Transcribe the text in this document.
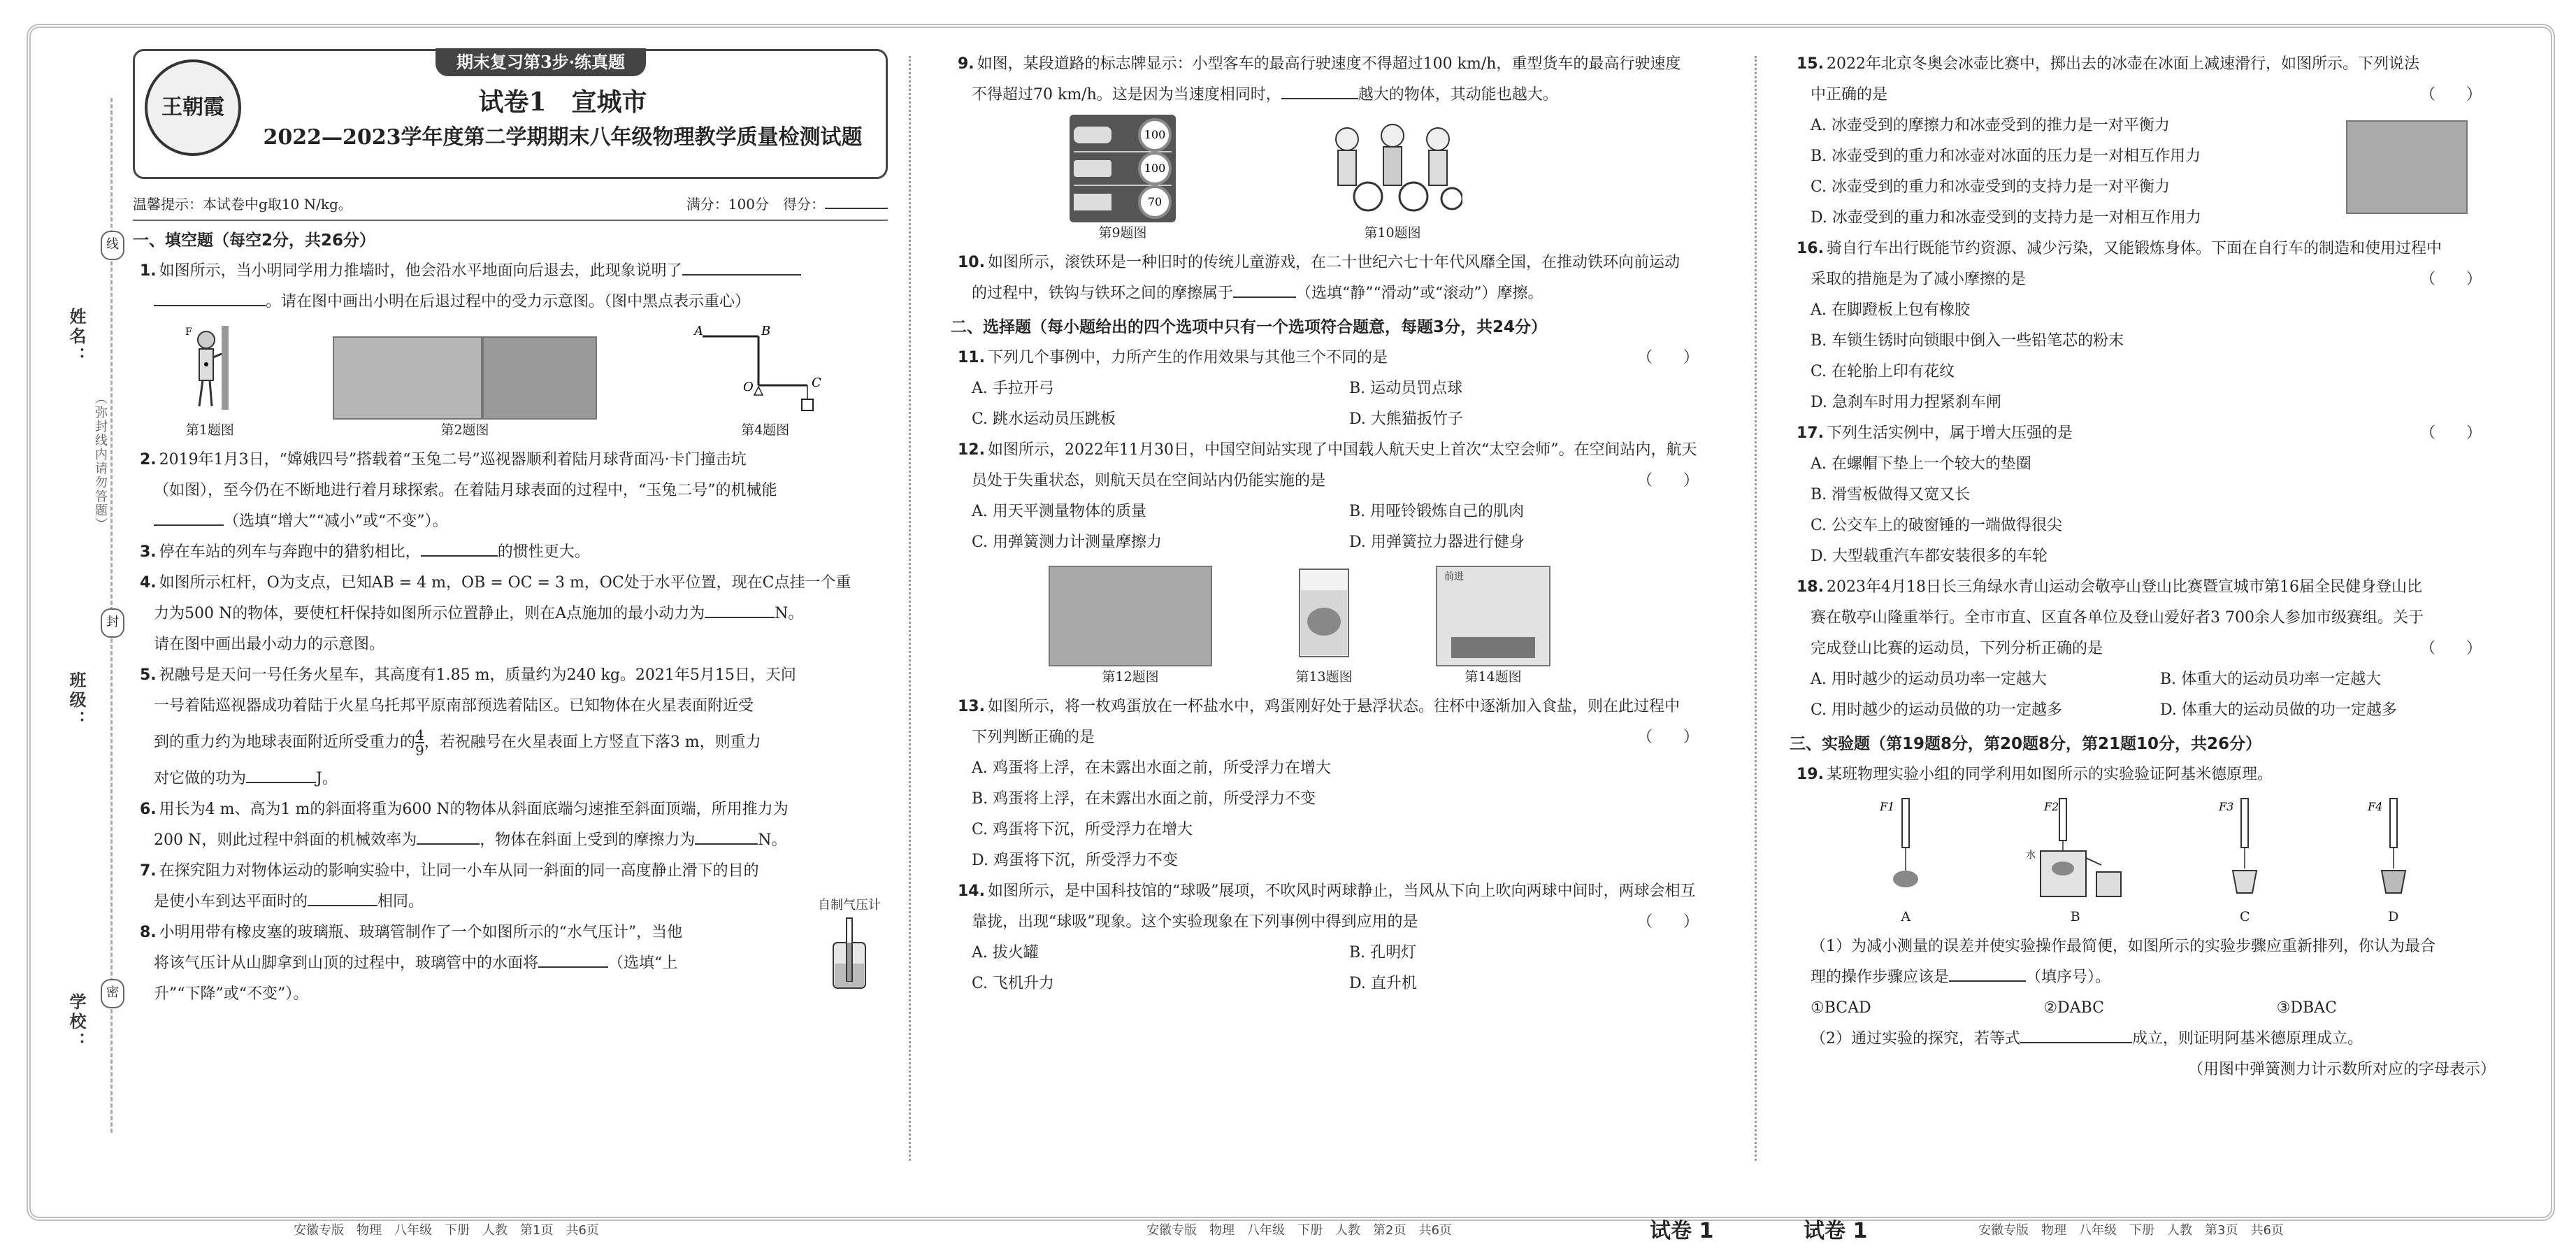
线
封
密
姓名：
班级：
学校：
（弥封线内请勿答题）
期末复习第3步·练真题
王朝霞	试卷1　宣城市
2022—2023学年度第二学期期末八年级物理教学质量检测试题
温馨提示：本试卷中g取10 N/kg。	满分：100分　得分：
一、填空题（每空2分，共26分）
1. 如图所示，当小明同学用力推墙时，他会沿水平地面向后退去，此现象说明了
。请在图中画出小明在后退过程中的受力示意图。（图中黑点表示重心）
F
第1题图	第2题图
A	B
O	C
第4题图
2. 2019年1月3日，“嫦娥四号”搭载着“玉兔二号”巡视器顺利着陆月球背面冯·卡门撞击坑
（如图），至今仍在不断地进行着月球探索。在着陆月球表面的过程中，“玉兔二号”的机械能
（选填“增大”“减小”或“不变”）。
3. 停在车站的列车与奔跑中的猎豹相比，	的惯性更大。
4. 如图所示杠杆，O为支点，已知AB = 4 m，OB = OC = 3 m，OC处于水平位置，现在C点挂一个重
力为500 N的物体，要使杠杆保持如图所示位置静止，则在A点施加的最小动力为	N。
请在图中画出最小动力的示意图。
5. 祝融号是天问一号任务火星车，其高度有1.85 m，质量约为240 kg。2021年5月15日，天问
一号着陆巡视器成功着陆于火星乌托邦平原南部预选着陆区。已知物体在火星表面附近受
到的重力约为地球表面附近所受重力的 $\frac{4}{9}$ ，若祝融号在火星表面上方竖直下落3 m，则重力
对它做的功为	J。
6. 用长为4 m、高为1 m的斜面将重为600 N的物体从斜面底端匀速推至斜面顶端，所用推力为
200 N，则此过程中斜面的机械效率为	，物体在斜面上受到的摩擦力为	N。
7. 在探究阻力对物体运动的影响实验中，让同一小车从同一斜面的同一高度静止滑下的目的
是使小车到达平面时的	相同。
8. 小明用带有橡皮塞的玻璃瓶、玻璃管制作了一个如图所示的“水气压计”，当他
将该气压计从山脚拿到山顶的过程中，玻璃管中的水面将	（选填“上
升”“下降”或“不变”）。
自制气压计
安徽专版　物理　八年级　下册　人教　第1页　共6页
9. 如图，某段道路的标志牌显示：小型客车的最高行驶速度不得超过100 km/h，重型货车的最高行驶速度
不得超过70 km/h。这是因为当速度相同时，	越大的物体，其动能也越大。
100
100
70
第9题图	第10题图
10. 如图所示，滚铁环是一种旧时的传统儿童游戏，在二十世纪六七十年代风靡全国，在推动铁环向前运动
的过程中，铁钩与铁环之间的摩擦属于	（选填“静”“滑动”或“滚动”）摩擦。
二、选择题（每小题给出的四个选项中只有一个选项符合题意，每题3分，共24分）
11. 下列几个事例中，力所产生的作用效果与其他三个不同的是	（　　）
A. 手拉开弓	B. 运动员罚点球
C. 跳水运动员压跳板	D. 大熊猫扳竹子
12. 如图所示，2022年11月30日，中国空间站实现了中国载人航天史上首次“太空会师”。在空间站内，航天
员处于失重状态，则航天员在空间站内仍能实施的是	（　　）
A. 用天平测量物体的质量	B. 用哑铃锻炼自己的肌肉
C. 用弹簧测力计测量摩擦力	D. 用弹簧拉力器进行健身
第12题图	第13题图
前进
第14题图
13. 如图所示，将一枚鸡蛋放在一杯盐水中，鸡蛋刚好处于悬浮状态。往杯中逐渐加入食盐，则在此过程中
下列判断正确的是	（　　）
A. 鸡蛋将上浮，在未露出水面之前，所受浮力在增大
B. 鸡蛋将上浮，在未露出水面之前，所受浮力不变
C. 鸡蛋将下沉，所受浮力在增大
D. 鸡蛋将下沉，所受浮力不变
14. 如图所示，是中国科技馆的“球吸”展项，不吹风时两球静止，当风从下向上吹向两球中间时，两球会相互
靠拢，出现“球吸”现象。这个实验现象在下列事例中得到应用的是	（　　）
A. 拔火罐	B. 孔明灯
C. 飞机升力	D. 直升机
安徽专版　物理　八年级　下册　人教　第2页　共6页	试卷 1
15. 2022年北京冬奥会冰壶比赛中，掷出去的冰壶在冰面上减速滑行，如图所示。下列说法
中正确的是	（　　）
A. 冰壶受到的摩擦力和冰壶受到的推力是一对平衡力
B. 冰壶受到的重力和冰壶对冰面的压力是一对相互作用力
C. 冰壶受到的重力和冰壶受到的支持力是一对平衡力
D. 冰壶受到的重力和冰壶受到的支持力是一对相互作用力
16. 骑自行车出行既能节约资源、减少污染，又能锻炼身体。下面在自行车的制造和使用过程中
采取的措施是为了减小摩擦的是	（　　）
A. 在脚蹬板上包有橡胶
B. 车锁生锈时向锁眼中倒入一些铅笔芯的粉末
C. 在轮胎上印有花纹
D. 急刹车时用力捏紧刹车闸
17. 下列生活实例中，属于增大压强的是	（　　）
A. 在螺帽下垫上一个较大的垫圈
B. 滑雪板做得又宽又长
C. 公交车上的破窗锤的一端做得很尖
D. 大型载重汽车都安装很多的车轮
18. 2023年4月18日长三角绿水青山运动会敬亭山登山比赛暨宣城市第16届全民健身登山比
赛在敬亭山隆重举行。全市市直、区直各单位及登山爱好者3 700余人参加市级赛组。关于
完成登山比赛的运动员，下列分析正确的是	（　　）
A. 用时越少的运动员功率一定越大	B. 体重大的运动员功率一定越大
C. 用时越少的运动员做的功一定越多	D. 体重大的运动员做的功一定越多
三、实验题（第19题8分，第20题8分，第21题10分，共26分）
19. 某班物理实验小组的同学利用如图所示的实验验证阿基米德原理。
F1
A
F2
水
B
F3
C
F4
D
（1）为减小测量的误差并使实验操作最简便，如图所示的实验步骤应重新排列，你认为最合
理的操作步骤应该是	（填序号）。
①BCAD	②DABC	③DBAC
（2）通过实验的探究，若等式	成立，则证明阿基米德原理成立。
（用图中弹簧测力计示数所对应的字母表示）
试卷 1	安徽专版　物理　八年级　下册　人教　第3页　共6页
